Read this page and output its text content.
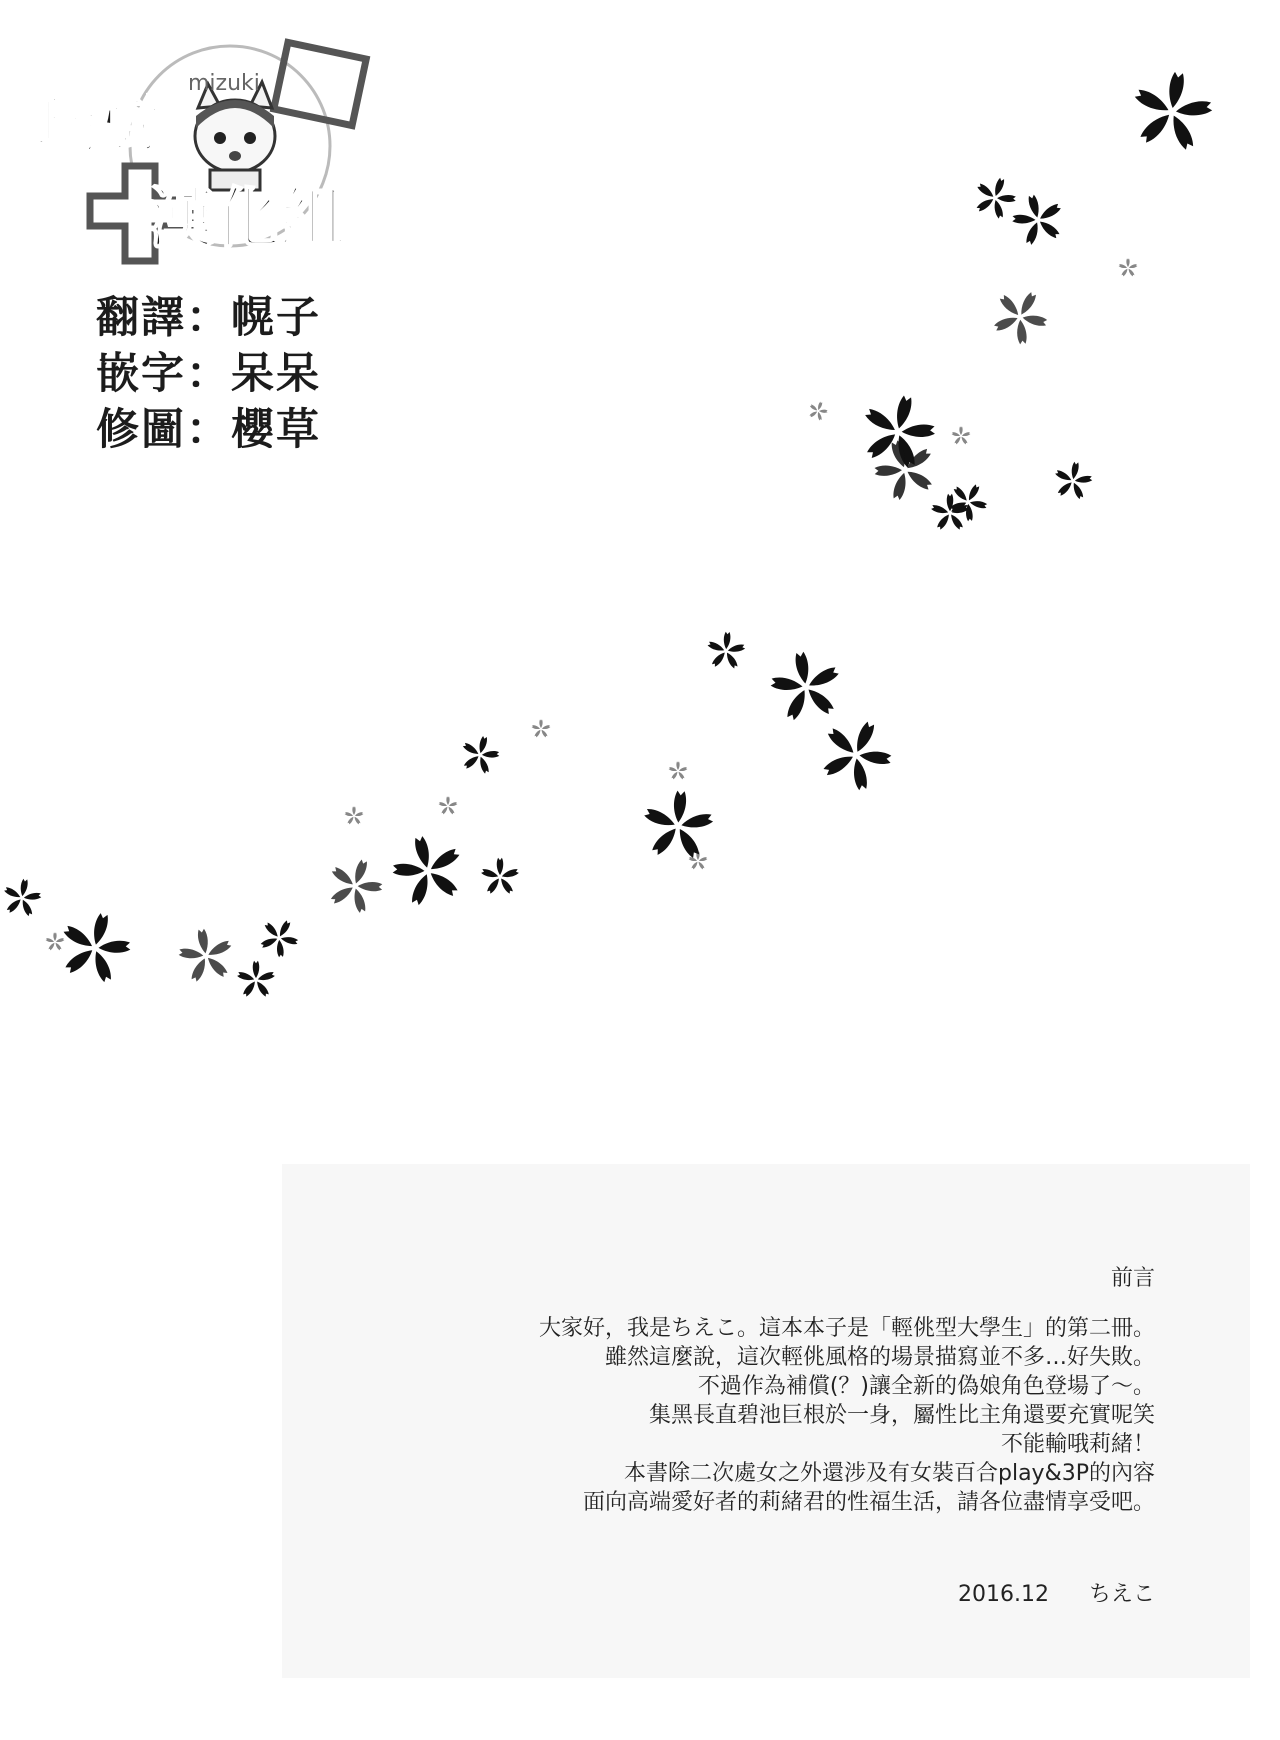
mizuki
瑞樹
漢化組
翻譯：幌子
嵌字：呆呆
修圖：櫻草
前言
大家好，我是ちえこ。這本本子是「輕佻型大學生」的第二冊。
雖然這麼說，這次輕佻風格的場景描寫並不多…好失敗。
不過作為補償(？)讓全新的偽娘角色登場了～。
集黑長直碧池巨根於一身，屬性比主角還要充實呢笑
不能輸哦莉緒！
本書除二次處女之外還涉及有女裝百合play&3P的內容
面向高端愛好者的莉緒君的性福生活，請各位盡情享受吧。
2016.12 ちえこ
